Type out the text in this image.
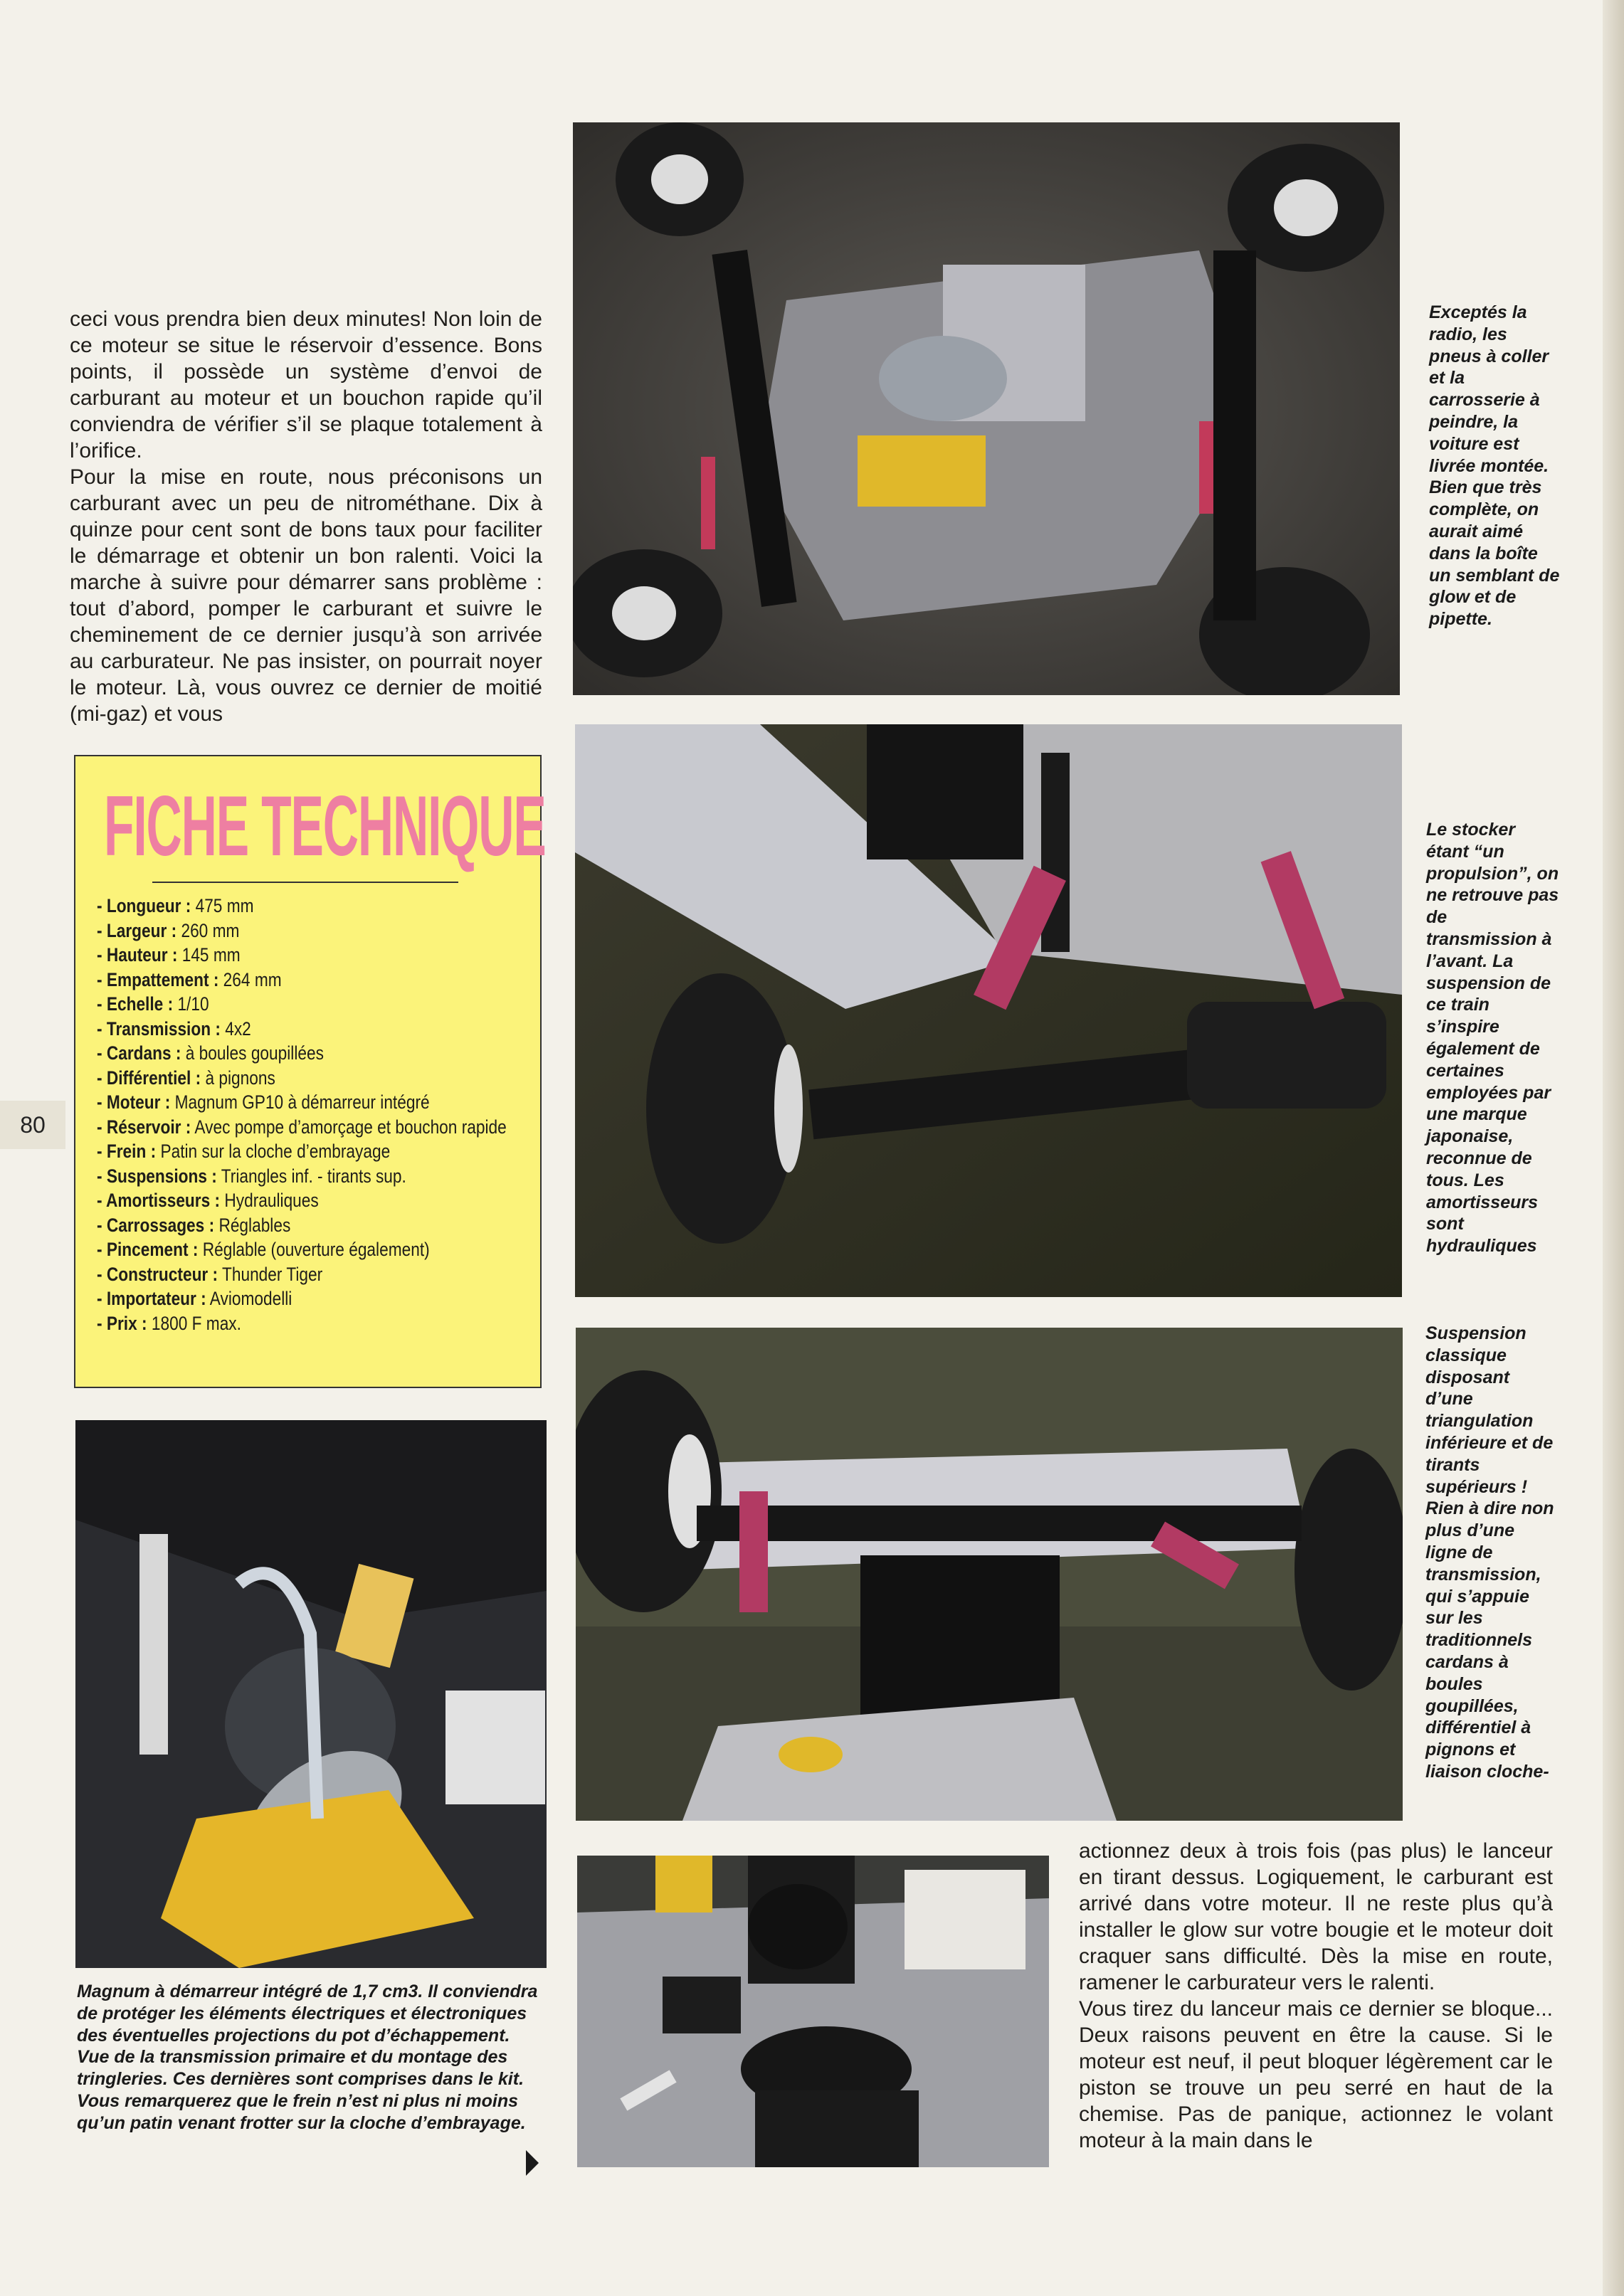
ceci vous prendra bien deux minutes! Non loin de ce moteur se situe le réservoir d’essence. Bons points, il possède un système d’envoi de carburant au moteur et un bouchon rapide qu’il conviendra de vérifier s’il se plaque totalement à l’orifice.

Pour la mise en route, nous préconisons un carburant avec un peu de nitrométhane. Dix à quinze pour cent sont de bons taux pour faciliter le démarrage et obtenir un bon ralenti. Voici la marche à suivre pour démarrer sans problème : tout d’abord, pomper le carburant et suivre le cheminement de ce dernier jusqu’à son arrivée au carburateur. Ne pas insister, on pourrait noyer le moteur. Là, vous ouvrez ce dernier de moitié (mi-gaz) et vous

Exceptés la radio, les pneus à coller et la carrosserie à peindre, la voiture est livrée montée. Bien que très complète, on aurait aimé dans la boîte un semblant de glow et de pipette.
Le stocker étant “un propulsion”, on ne retrouve pas de transmission à l’avant. La suspension de ce train s’inspire également de certaines employées par une marque japonaise, reconnue de tous. Les amortisseurs sont hydrauliques
FICHE TECHNIQUE
- Longueur : 475 mm
- Largeur : 260 mm
- Hauteur : 145 mm
- Empattement : 264 mm
- Echelle : 1/10
- Transmission : 4x2
- Cardans : à boules goupillées
- Différentiel : à pignons
- Moteur : Magnum GP10 à démarreur intégré
- Réservoir : Avec pompe d’amorçage et bouchon rapide
- Frein : Patin sur la cloche d’embrayage
- Suspensions : Triangles inf. - tirants sup.
- Amortisseurs : Hydrauliques
- Carrossages : Réglables
- Pincement : Réglable (ouverture également)
- Constructeur : Thunder Tiger
- Importateur : Aviomodelli
- Prix : 1800 F max.
80
Suspension classique disposant d’une triangulation inférieure et de tirants supérieurs ! Rien à dire non plus d’une ligne de transmission, qui s’appuie sur les traditionnels cardans à boules goupillées, différentiel à pignons et liaison cloche-
Magnum à démarreur intégré de 1,7 cm3. Il conviendra de protéger les éléments électriques et électroniques des éventuelles projections du pot d’échappement.
Vue de la transmission primaire et du montage des tringleries. Ces dernières sont comprises dans le kit. Vous remarquerez que le frein n’est ni plus ni moins qu’un patin venant frotter sur la cloche d’embrayage.

actionnez deux à trois fois (pas plus) le lanceur en tirant dessus. Logiquement, le carburant est arrivé dans votre moteur. Il ne reste plus qu’à installer le glow sur votre bougie et le moteur doit craquer sans difficulté. Dès la mise en route, ramener le carburateur vers le ralenti.

Vous tirez du lanceur mais ce dernier se bloque... Deux raisons peuvent en être la cause. Si le moteur est neuf, il peut bloquer légèrement car le piston se trouve un peu serré en haut de la chemise. Pas de panique, actionnez le volant moteur à la main dans le
